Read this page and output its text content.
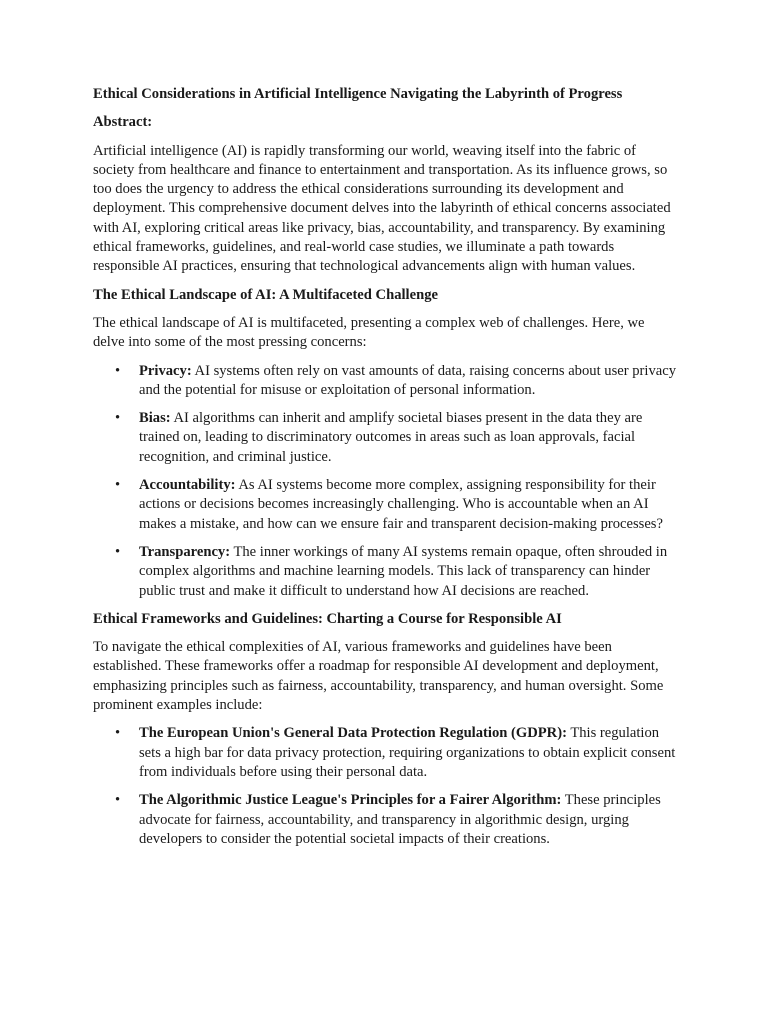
Ethical Considerations in Artificial Intelligence Navigating the Labyrinth of Progress

Abstract:

Artificial intelligence (AI) is rapidly transforming our world, weaving itself into the fabric of society from healthcare and finance to entertainment and transportation. As its influence grows, so too does the urgency to address the ethical considerations surrounding its development and deployment. This comprehensive document delves into the labyrinth of ethical concerns associated with AI, exploring critical areas like privacy, bias, accountability, and transparency. By examining ethical frameworks, guidelines, and real-world case studies, we illuminate a path towards responsible AI practices, ensuring that technological advancements align with human values.

The Ethical Landscape of AI: A Multifaceted Challenge

The ethical landscape of AI is multifaceted, presenting a complex web of challenges. Here, we delve into some of the most pressing concerns:

• Privacy: AI systems often rely on vast amounts of data, raising concerns about user privacy and the potential for misuse or exploitation of personal information.
• Bias: AI algorithms can inherit and amplify societal biases present in the data they are trained on, leading to discriminatory outcomes in areas such as loan approvals, facial recognition, and criminal justice.
• Accountability: As AI systems become more complex, assigning responsibility for their actions or decisions becomes increasingly challenging. Who is accountable when an AI makes a mistake, and how can we ensure fair and transparent decision-making processes?
• Transparency: The inner workings of many AI systems remain opaque, often shrouded in complex algorithms and machine learning models. This lack of transparency can hinder public trust and make it difficult to understand how AI decisions are reached.

Ethical Frameworks and Guidelines: Charting a Course for Responsible AI

To navigate the ethical complexities of AI, various frameworks and guidelines have been established. These frameworks offer a roadmap for responsible AI development and deployment, emphasizing principles such as fairness, accountability, transparency, and human oversight. Some prominent examples include:

• The European Union's General Data Protection Regulation (GDPR): This regulation sets a high bar for data privacy protection, requiring organizations to obtain explicit consent from individuals before using their personal data.
• The Algorithmic Justice League's Principles for a Fairer Algorithm: These principles advocate for fairness, accountability, and transparency in algorithmic design, urging developers to consider the potential societal impacts of their creations.
